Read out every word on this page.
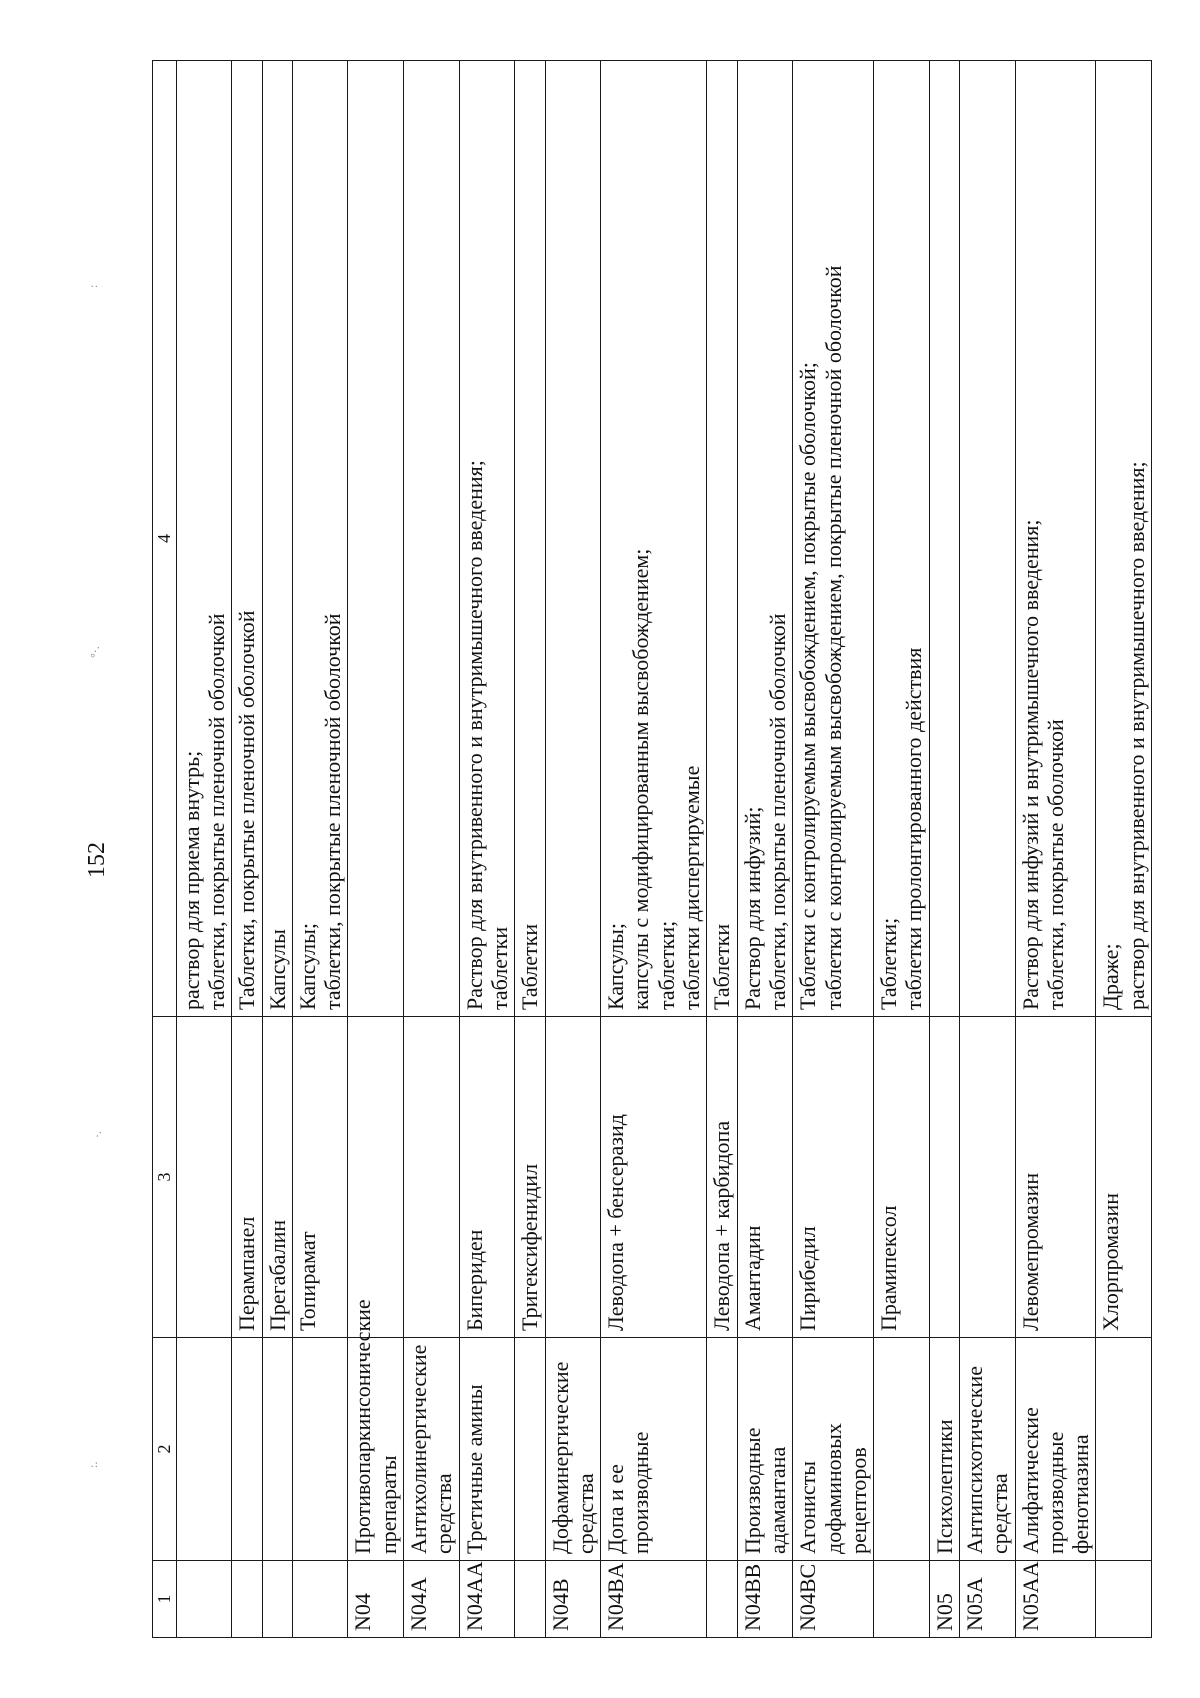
152
:.
·.
°·.
:
1	2	3	4
			раствор для приема внутрь;
таблетки, покрытые пленочной оболочкой
		Перампанел	Таблетки, покрытые пленочной оболочкой
		Прегабалин	Капсулы
		Топирамат	Капсулы;
таблетки, покрытые пленочной оболочкой
N04	Противопаркинсонические препараты		
N04A	Антихолинергические средства		
N04AA	Третичные амины	Бипериден	Раствор для внутривенного и внутримышечного введения;
таблетки
		Тригексифенидил	Таблетки
N04B	Дофаминергические средства		
N04BA	Допа и ее производные	Леводопа + бенсеразид	Капсулы;
капсулы с модифицированным высвобождением;
таблетки;
таблетки диспергируемые
		Леводопа + карбидопа	Таблетки
N04BB	Производные адамантана	Амантадин	Раствор для инфузий;
таблетки, покрытые пленочной оболочкой
N04BC	Агонисты дофаминовых рецепторов	Пирибедил	Таблетки с контролируемым высвобождением, покрытые оболочкой;
таблетки с контролируемым высвобождением, покрытые пленочной оболочкой
		Прамипексол	Таблетки;
таблетки пролонгированного действия
N05	Психолептики		
N05A	Антипсихотические средства		
N05AA	Алифатические производные фенотиазина	Левомепромазин	Раствор для инфузий и внутримышечного введения;
таблетки, покрытые оболочкой
		Хлорпромазин	Драже;
раствор для внутривенного и внутримышечного введения;
